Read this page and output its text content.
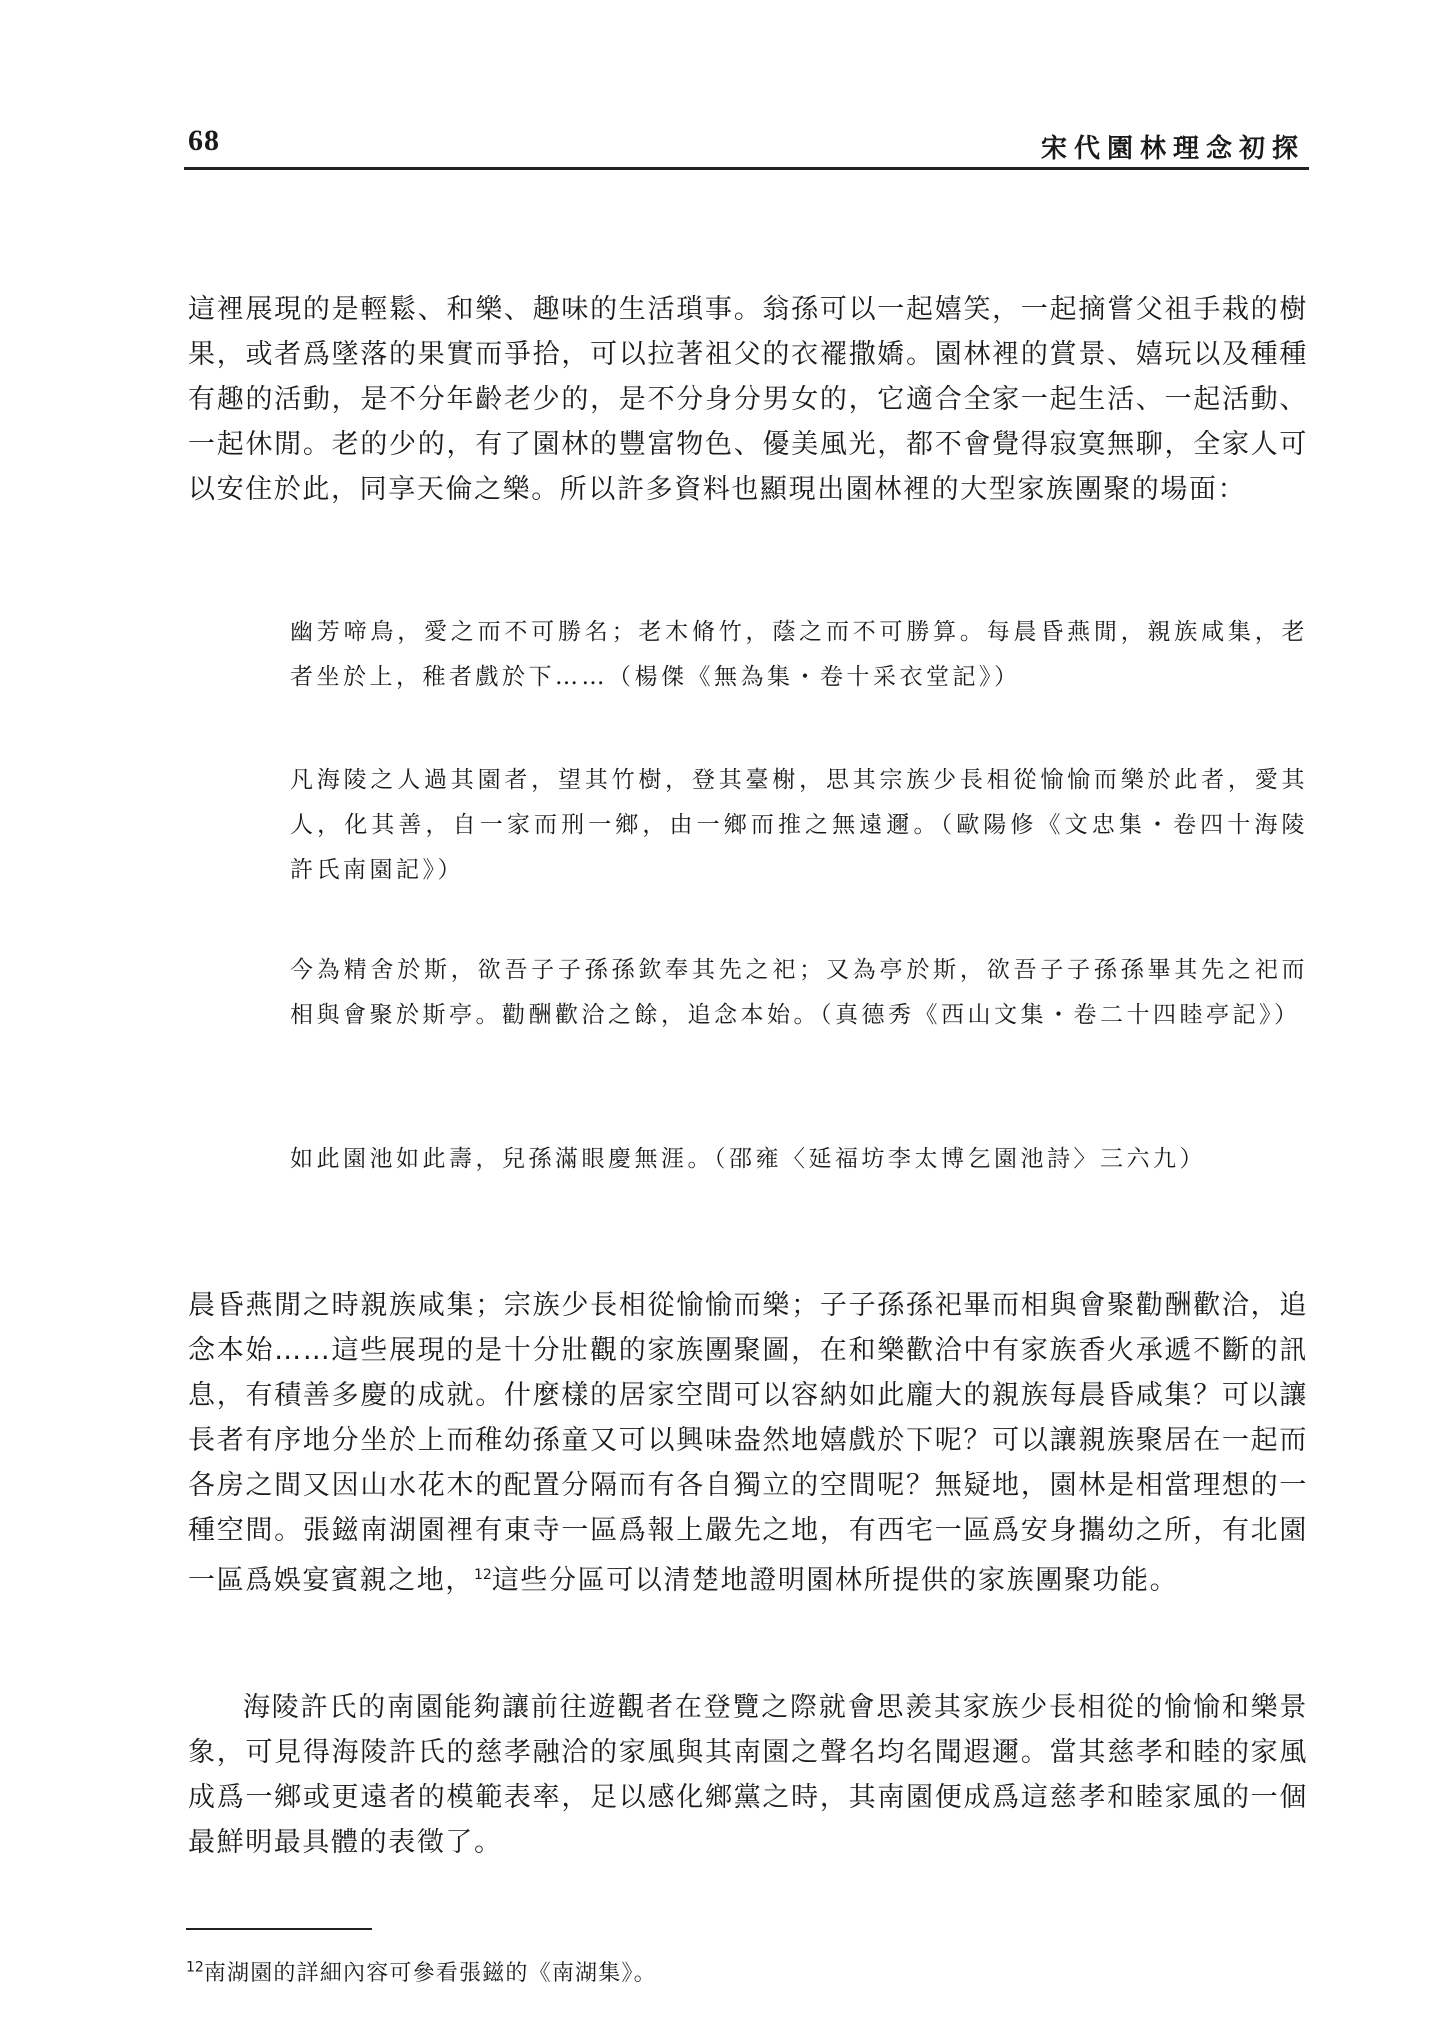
68	宋代園林理念初探

這裡展現的是輕鬆、和樂、趣味的生活瑣事。翁孫可以一起嬉笑，一起摘嘗父祖手栽的樹果，或者爲墜落的果實而爭拾，可以拉著祖父的衣襬撒嬌。園林裡的賞景、嬉玩以及種種有趣的活動，是不分年齡老少的，是不分身分男女的，它適合全家一起生活、一起活動、一起休閒。老的少的，有了園林的豐富物色、優美風光，都不會覺得寂寞無聊，全家人可以安住於此，同享天倫之樂。所以許多資料也顯現出園林裡的大型家族團聚的場面：

幽芳啼鳥，愛之而不可勝名；老木脩竹，蔭之而不可勝算。每晨昏燕閒，親族咸集，老者坐於上，稚者戲於下……（楊傑《無為集・卷十采衣堂記》）

凡海陵之人過其園者，望其竹樹，登其臺榭，思其宗族少長相從愉愉而樂於此者，愛其人，化其善，自一家而刑一鄉，由一鄉而推之無遠邇。（歐陽修《文忠集・卷四十海陵許氏南園記》）

今為精舍於斯，欲吾子子孫孫欽奉其先之祀；又為亭於斯，欲吾子子孫孫畢其先之祀而相與會聚於斯亭。勸酬歡洽之餘，追念本始。（真德秀《西山文集・卷二十四睦亭記》）

如此園池如此壽，兒孫滿眼慶無涯。（邵雍〈延福坊李太博乞園池詩〉三六九）

晨昏燕閒之時親族咸集；宗族少長相從愉愉而樂；子子孫孫祀畢而相與會聚勸酬歡洽，追念本始……這些展現的是十分壯觀的家族團聚圖，在和樂歡洽中有家族香火承遞不斷的訊息，有積善多慶的成就。什麼樣的居家空間可以容納如此龐大的親族每晨昏咸集？可以讓長者有序地分坐於上而稚幼孫童又可以興味盎然地嬉戲於下呢？可以讓親族聚居在一起而各房之間又因山水花木的配置分隔而有各自獨立的空間呢？無疑地，園林是相當理想的一種空間。張鎡南湖園裡有東寺一區爲報上嚴先之地，有西宅一區爲安身攜幼之所，有北園一區爲娛宴賓親之地，$^{12}$這些分區可以清楚地證明園林所提供的家族團聚功能。

海陵許氏的南園能夠讓前往遊觀者在登覽之際就會思羨其家族少長相從的愉愉和樂景象，可見得海陵許氏的慈孝融洽的家風與其南園之聲名均名聞遐邇。當其慈孝和睦的家風成爲一鄉或更遠者的模範表率，足以感化鄉黨之時，其南園便成爲這慈孝和睦家風的一個最鮮明最具體的表徵了。

$^{12}$南湖園的詳細內容可參看張鎡的《南湖集》。
